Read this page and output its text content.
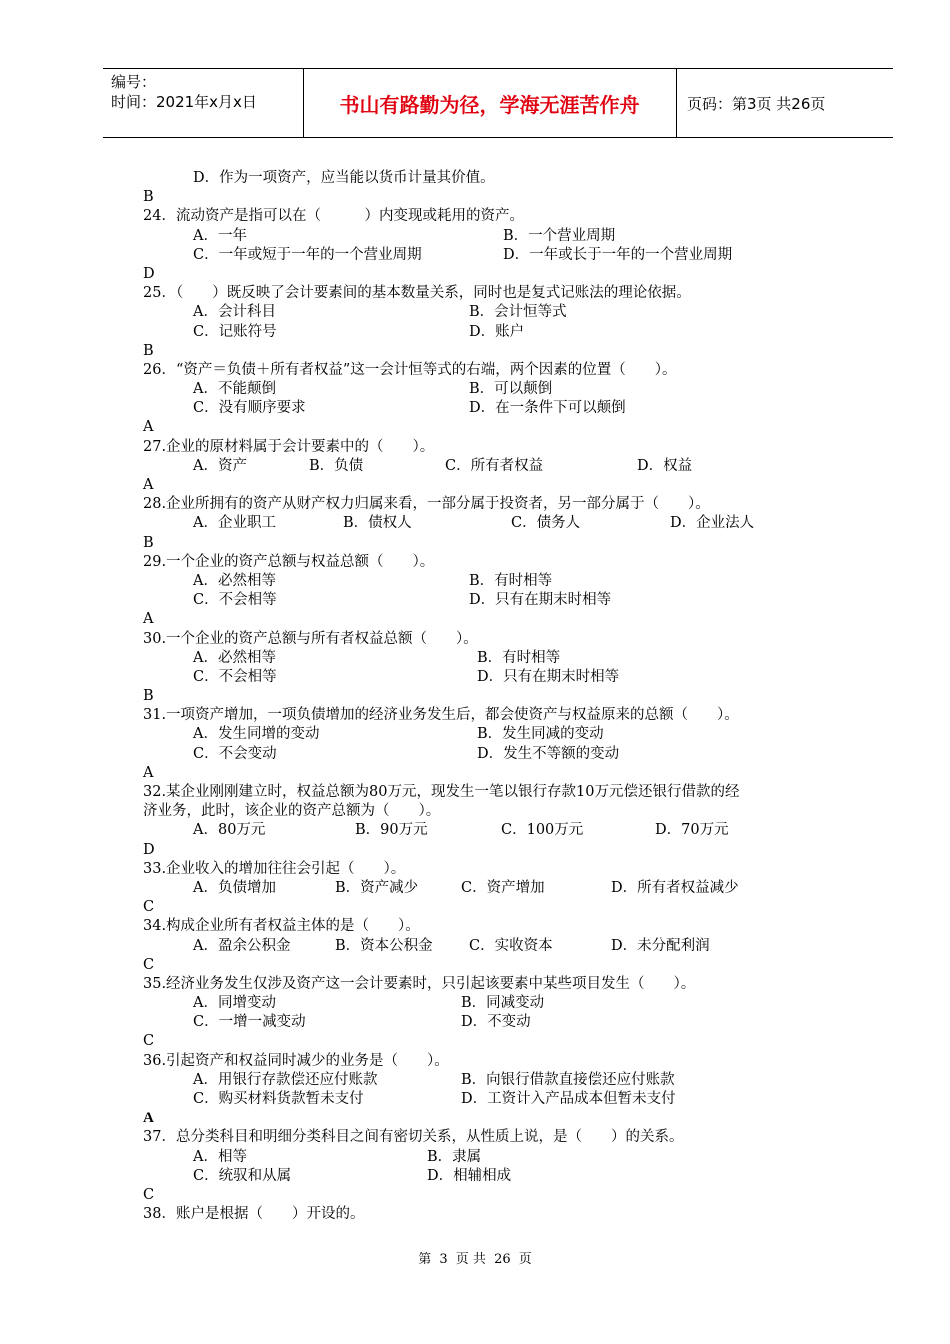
编号：
时间：2021年x月x日	书山有路勤为径，学海无涯苦作舟	页码：第3页 共26页
D．作为一项资产，应当能以货币计量其价值。
B
24．流动资产是指可以在（　　　）内变现或耗用的资产。
A．一年	B．一个营业周期
C．一年或短于一年的一个营业周期	D．一年或长于一年的一个营业周期
D
25．（　　）既反映了会计要素间的基本数量关系，同时也是复式记账法的理论依据。
A．会计科目	B．会计恒等式
C．记账符号	D．账户
B
26．“资产＝负债＋所有者权益”这一会计恒等式的右端，两个因素的位置（　　）。
A．不能颠倒	B．可以颠倒
C．没有顺序要求	D．在一条件下可以颠倒
A
27.企业的原材料属于会计要素中的（　　）。
A．资产	B．负债	C．所有者权益	D．权益
A
28.企业所拥有的资产从财产权力归属来看，一部分属于投资者，另一部分属于（　　）。
A．企业职工	B．债权人	C．债务人	D．企业法人
B
29.一个企业的资产总额与权益总额（　　）。
A．必然相等	B．有时相等
C．不会相等	D．只有在期末时相等
A
30.一个企业的资产总额与所有者权益总额（　　）。
A．必然相等	B．有时相等
C．不会相等	D．只有在期末时相等
B
31.一项资产增加，一项负债增加的经济业务发生后，都会使资产与权益原来的总额（　　）。
A．发生同增的变动	B．发生同减的变动
C．不会变动	D．发生不等额的变动
A
32.某企业刚刚建立时，权益总额为80万元，现发生一笔以银行存款10万元偿还银行借款的经
济业务，此时，该企业的资产总额为（　　）。
A．80万元	B．90万元	C．100万元	D．70万元
D
33.企业收入的增加往往会引起（　　）。
A．负债增加	B．资产减少	C．资产增加	D．所有者权益减少
C
34.构成企业所有者权益主体的是（　　）。
A．盈余公积金	B．资本公积金	C．实收资本	D．未分配利润
C
35.经济业务发生仅涉及资产这一会计要素时，只引起该要素中某些项目发生（　　）。
A．同增变动	B．同减变动
C．一增一减变动	D．不变动
C
36.引起资产和权益同时减少的业务是（　　）。
A．用银行存款偿还应付账款	B．向银行借款直接偿还应付账款
C．购买材料货款暂未支付	D．工资计入产品成本但暂未支付
A
37．总分类科目和明细分类科目之间有密切关系，从性质上说，是（　　）的关系。
A．相等	B．隶属
C．统驭和从属	D．相辅相成
C
38．账户是根据（　　）开设的。
第 3 页 共 26 页
